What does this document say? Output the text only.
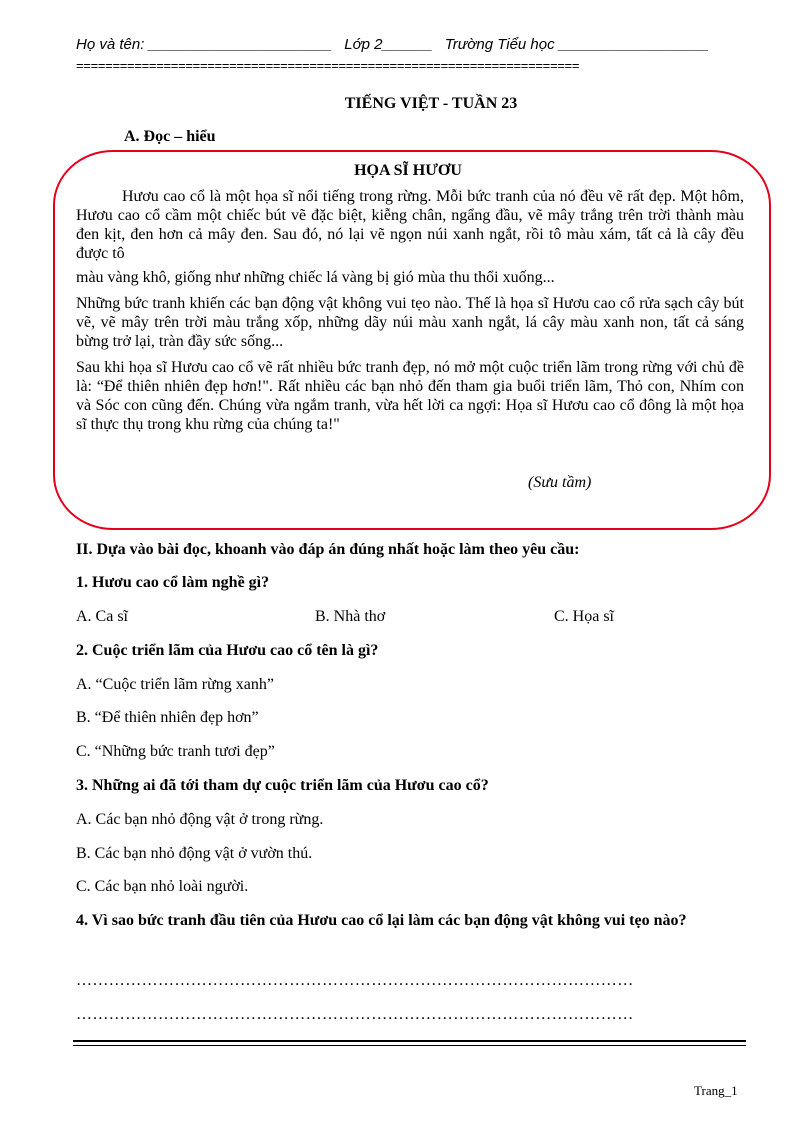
Họ và tên: ______________________ Lớp 2______ Trường Tiểu học __________________
=====================================================================
TIẾNG VIỆT - TUẦN 23
A. Đọc – hiểu
HỌA SĨ HƯƠU

Hươu cao cổ là một họa sĩ nổi tiếng trong rừng. Mỗi bức tranh của nó đều vẽ rất đẹp. Một hôm, Hươu cao cổ cầm một chiếc bút vẽ đặc biệt, kiễng chân, ngẩng đầu, vẽ mây trắng trên trời thành màu đen kịt, đen hơn cả mây đen. Sau đó, nó lại vẽ ngọn núi xanh ngắt, rồi tô màu xám, tất cả là cây đều được tô

màu vàng khô, giống như những chiếc lá vàng bị gió mùa thu thổi xuống...

Những bức tranh khiến các bạn động vật không vui tẹo nào. Thế là họa sĩ Hươu cao cổ rửa sạch cây bút vẽ, vẽ mây trên trời màu trắng xốp, những dãy núi màu xanh ngắt, lá cây màu xanh non, tất cả sáng bừng trở lại, tràn đầy sức sống...

Sau khi họa sĩ Hươu cao cổ vẽ rất nhiều bức tranh đẹp, nó mở một cuộc triển lãm trong rừng với chủ đề là: “Để thiên nhiên đẹp hơn!". Rất nhiều các bạn nhỏ đến tham gia buổi triển lãm, Thỏ con, Nhím con và Sóc con cũng đến. Chúng vừa ngắm tranh, vừa hết lời ca ngợi: Họa sĩ Hươu cao cổ đông là một họa sĩ thực thụ trong khu rừng của chúng ta!"

(Sưu tầm)
II. Dựa vào bài đọc, khoanh vào đáp án đúng nhất hoặc làm theo yêu cầu:
1. Hươu cao cổ làm nghề gì?
A. Ca sĩ	B. Nhà thơ	C. Họa sĩ
2. Cuộc triển lãm của Hươu cao cổ tên là gì?
A. “Cuộc triển lãm rừng xanh”
B. “Để thiên nhiên đẹp hơn”
C. “Những bức tranh tươi đẹp”
3. Những ai đã tới tham dự cuộc triển lãm của Hươu cao cổ?
A. Các bạn nhỏ động vật ở trong rừng.
B. Các bạn nhỏ động vật ở vườn thú.
C. Các bạn nhỏ loài người.
4. Vì sao bức tranh đầu tiên của Hươu cao cổ lại làm các bạn động vật không vui tẹo nào?
…………………………………………………………………………………………
…………………………………………………………………………………………
Trang_1
